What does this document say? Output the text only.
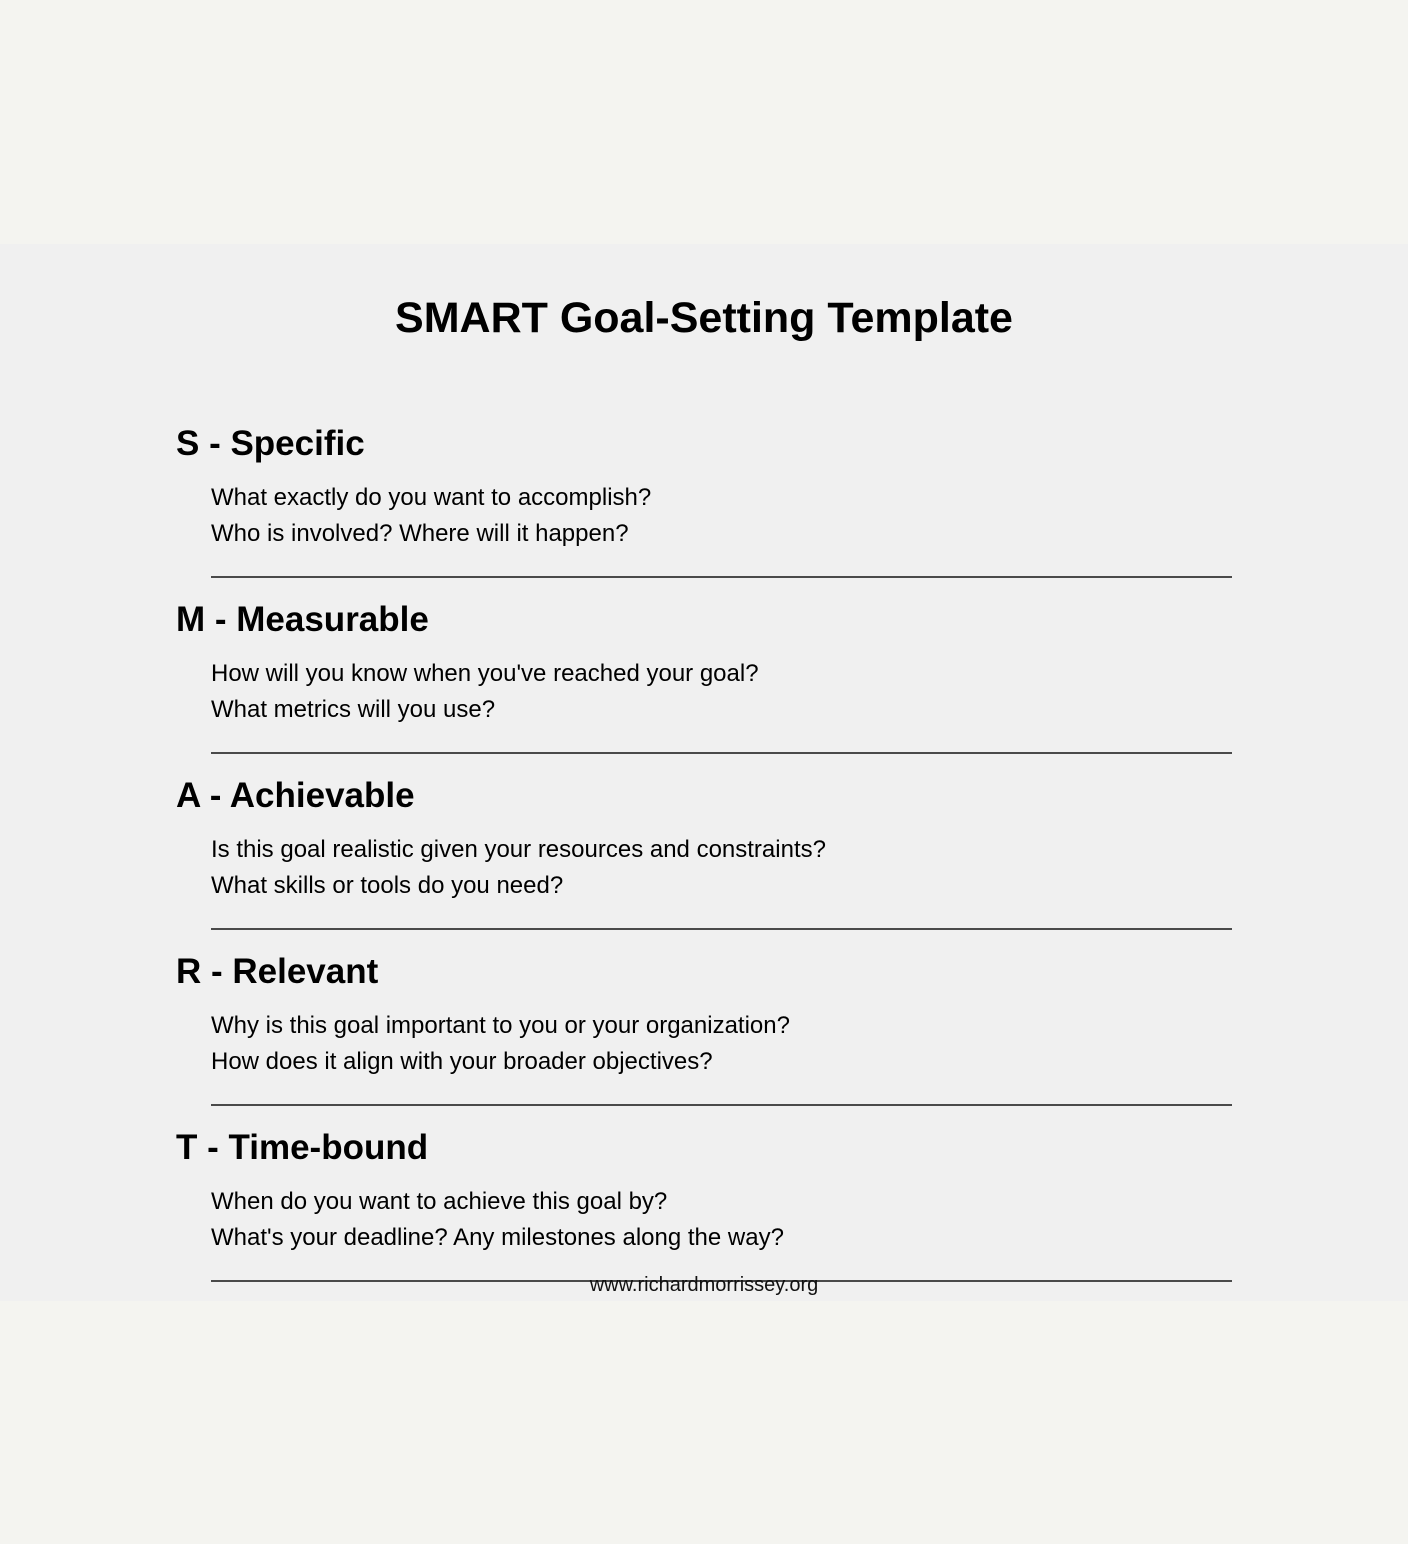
SMART Goal-Setting Template
S - Specific

What exactly do you want to accomplish?

Who is involved? Where will it happen?

M - Measurable

How will you know when you've reached your goal?

What metrics will you use?

A - Achievable

Is this goal realistic given your resources and constraints?

What skills or tools do you need?

R - Relevant

Why is this goal important to you or your organization?

How does it align with your broader objectives?

T - Time-bound

When do you want to achieve this goal by?

What's your deadline? Any milestones along the way?

www.richardmorrissey.org
